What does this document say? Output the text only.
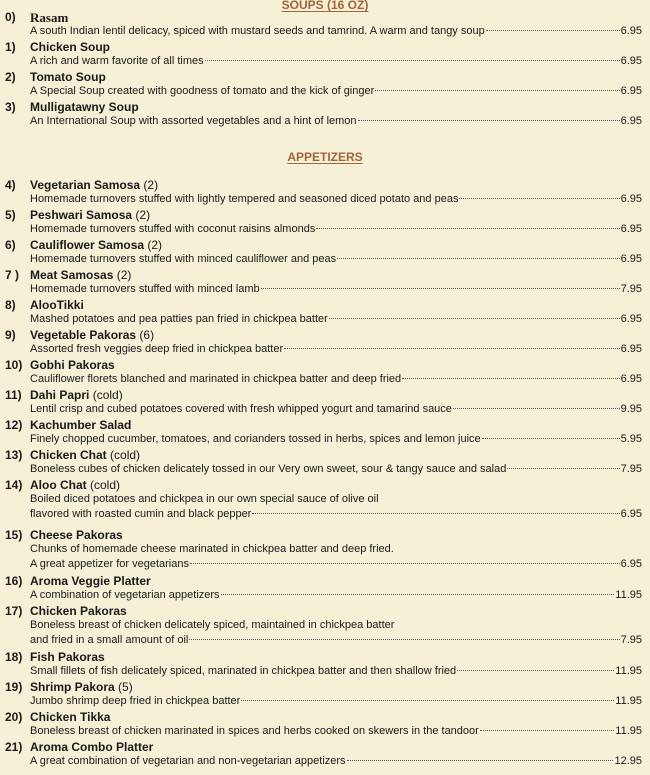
SOUPS (16 OZ)
APPETIZERS
0) Rasam
A south Indian lentil delicacy, spiced with mustard seeds and tamrind. A warm and tangy soup	6.95
1) Chicken Soup
A rich and warm favorite of all times	6.95
2) Tomato Soup
A Special Soup created with goodness of tomato and the kick of ginger	6.95
3) Mulligatawny Soup
An International Soup with assorted vegetables and a hint of lemon	6.95
4) Vegetarian Samosa (2)
Homemade turnovers stuffed with lightly tempered and seasoned diced potato and peas	6.95
5) Peshwari Samosa (2)
Homemade turnovers stuffed with coconut raisins almonds	6.95
6) Cauliflower Samosa (2)
Homemade turnovers stuffed with minced cauliflower and peas	6.95
7 ) Meat Samosas (2)
Homemade turnovers stuffed with minced lamb	7.95
8) AlooTikki
Mashed potatoes and pea patties pan fried in chickpea batter	6.95
9) Vegetable Pakoras (6)
Assorted fresh veggies deep fried in chickpea batter	6.95
10) Gobhi Pakoras
Cauliflower florets blanched and marinated in chickpea batter and deep fried	6.95
11) Dahi Papri (cold)
Lentil crisp and cubed potatoes covered with fresh whipped yogurt and tamarind sauce	9.95
12) Kachumber Salad
Finely chopped cucumber, tomatoes, and corianders tossed in herbs, spices and lemon juice	5.95
13) Chicken Chat (cold)
Boneless cubes of chicken delicately tossed in our Very own sweet, sour & tangy sauce and salad	7.95
14) Aloo Chat (cold)
Boiled diced potatoes and chickpea in our own special sauce of olive oil
flavored with roasted cumin and black pepper	6.95
15) Cheese Pakoras
Chunks of homemade cheese marinated in chickpea batter and deep fried.
A great appetizer for vegetarians	6.95
16) Aroma Veggie Platter
A combination of vegetarian appetizers	11.95
17) Chicken Pakoras
Boneless breast of chicken delicately spiced, maintained in chickpea batter
and fried in a small amount of oil	7.95
18) Fish Pakoras
Small fillets of fish delicately spiced, marinated in chickpea batter and then shallow fried	11.95
19) Shrimp Pakora (5)
Jumbo shrimp deep fried in chickpea batter	11.95
20) Chicken Tikka
Boneless breast of chicken marinated in spices and herbs cooked on skewers in the tandoor	11.95
21) Aroma Combo Platter
A great combination of vegetarian and non-vegetarian appetizers	12.95
